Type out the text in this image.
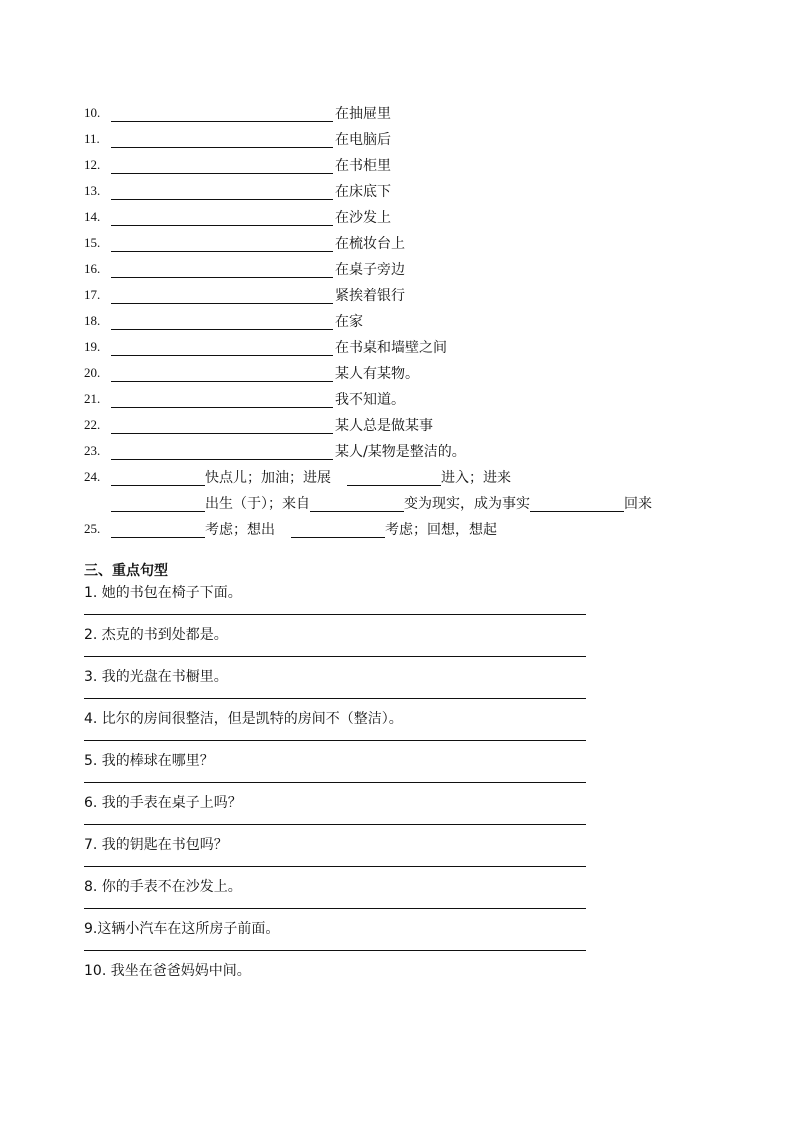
10.	在抽屉里
11.	在电脑后
12.	在书柜里
13.	在床底下
14.	在沙发上
15.	在梳妆台上
16.	在桌子旁边
17.	紧挨着银行
18.	在家
19.	在书桌和墙壁之间
20.	某人有某物。
21.	我不知道。
22.	某人总是做某事
23.	某人/某物是整洁的。
24.	快点儿；加油；进展	进入；进来
出生（于）；来自	变为现实，成为事实	回来
25.	考虑；想出	考虑；回想，想起
三、重点句型
1. 她的书包在椅子下面。
2. 杰克的书到处都是。
3. 我的光盘在书橱里。
4. 比尔的房间很整洁，但是凯特的房间不（整洁）。
5. 我的棒球在哪里？
6. 我的手表在桌子上吗？
7. 我的钥匙在书包吗？
8. 你的手表不在沙发上。
9.这辆小汽车在这所房子前面。
10. 我坐在爸爸妈妈中间。
